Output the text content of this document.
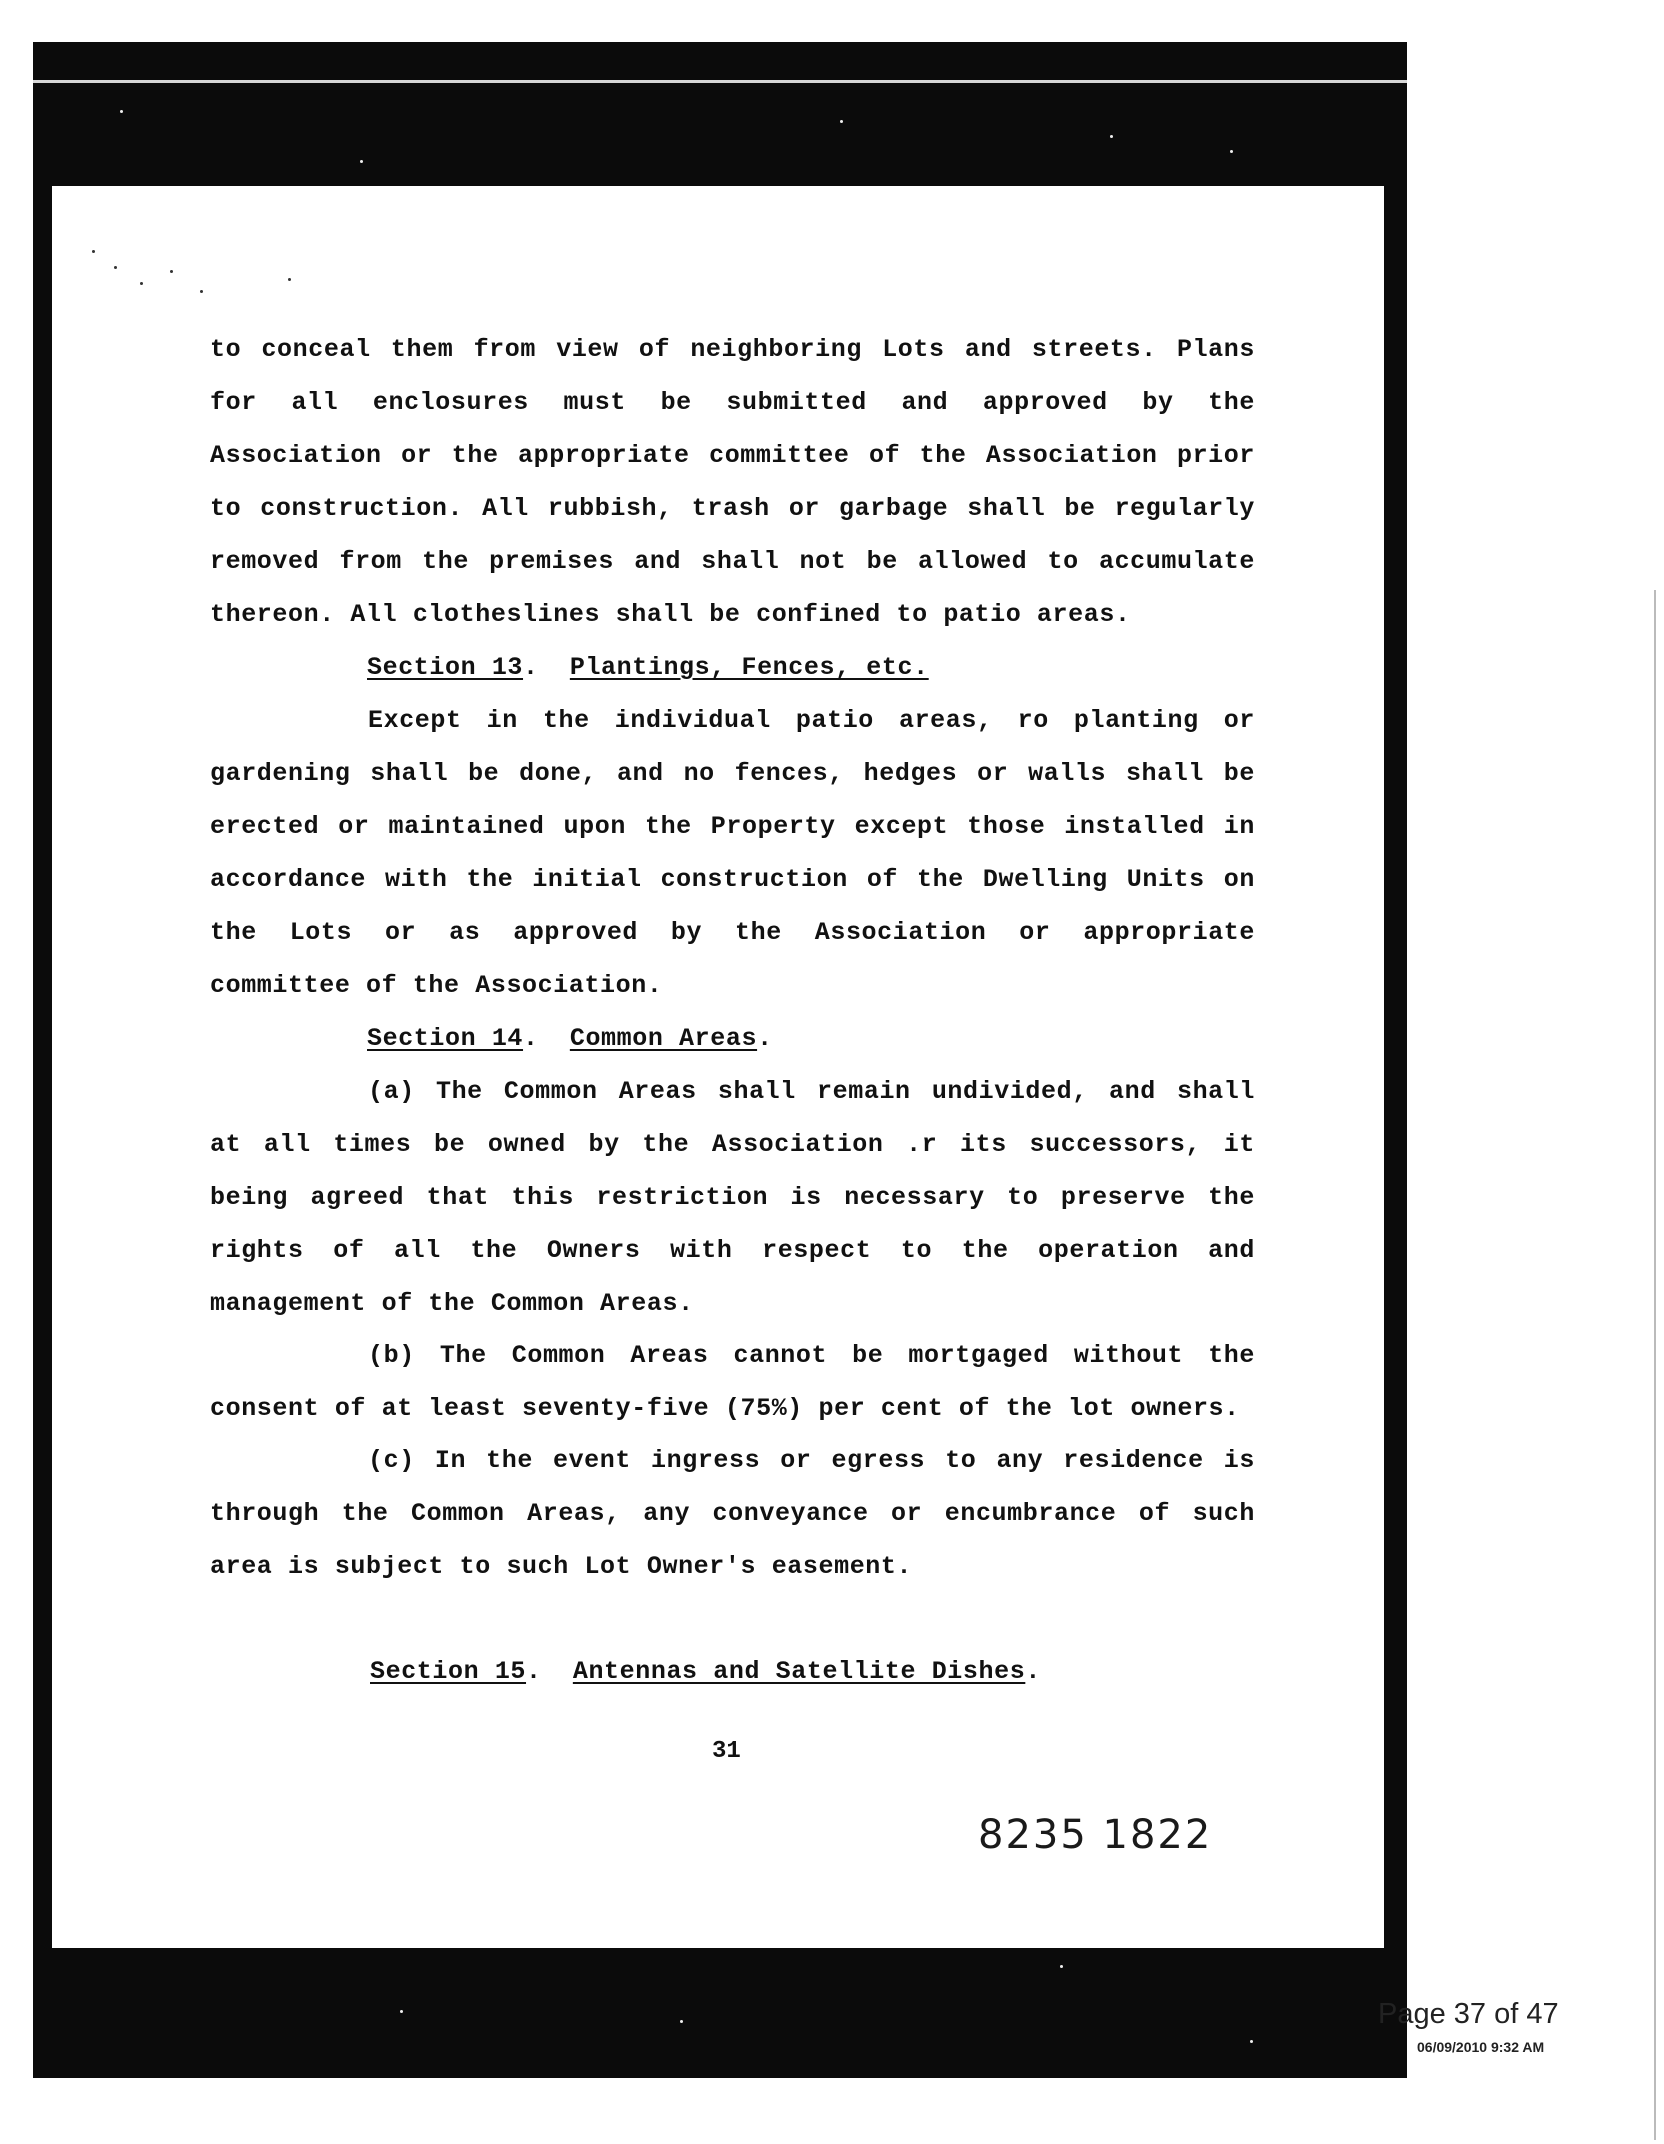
to conceal them from view of neighboring Lots and streets. Plans
for all enclosures must be submitted and approved by the
Association or the appropriate committee of the Association prior
to construction. All rubbish, trash or garbage shall be regularly
removed from the premises and shall not be allowed to accumulate
thereon. All clotheslines shall be confined to patio areas.
Section 13.  Plantings, Fences, etc.
Except in the individual patio areas, ro planting or
gardening shall be done, and no fences, hedges or walls shall be
erected or maintained upon the Property except those installed in
accordance with the initial construction of the Dwelling Units on
the Lots or as approved by the Association or appropriate
committee of the Association.
Section 14.  Common Areas.
(a) The Common Areas shall remain undivided, and shall
at all times be owned by the Association .r its successors, it
being agreed that this restriction is necessary to preserve the
rights of all the Owners with respect to the operation and
management of the Common Areas.
(b) The Common Areas cannot be mortgaged without the
consent of at least seventy-five (75%) per cent of the lot owners.
(c) In the event ingress or egress to any residence is
through the Common Areas, any conveyance or encumbrance of such
area is subject to such Lot Owner's easement.
Section 15.  Antennas and Satellite Dishes.
31
8235 1822
Page 37 of 47
06/09/2010 9:32 AM
